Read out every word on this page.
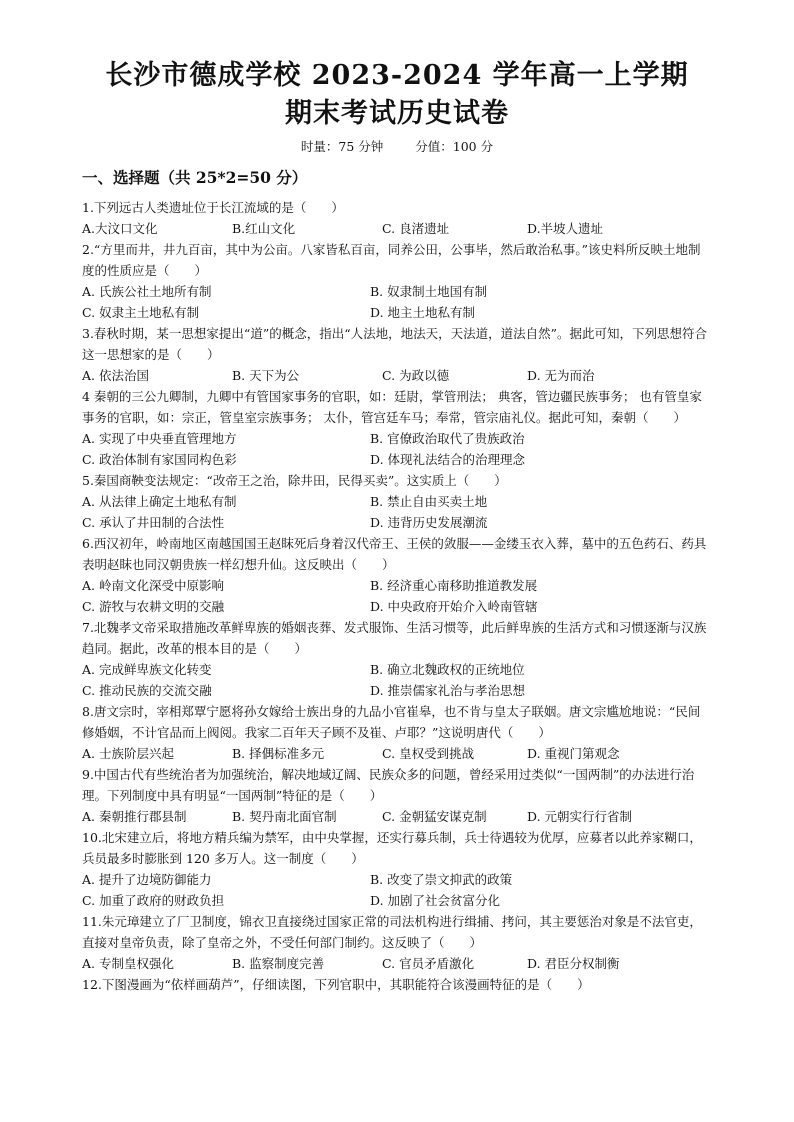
长沙市德成学校 2023-2024 学年高一上学期
期末考试历史试卷
时量：75 分钟	分值：100 分
一、选择题（共 25*2=50 分）

1.下列远古人类遗址位于长江流域的是（　　）

A.大汶口文化	B.红山文化	C. 良渚遗址	D.半坡人遗址

2.“方里而井，井九百亩，其中为公亩。八家皆私百亩，同养公田，公事毕，然后敢治私事。”该史料所反映土地制度的性质应是（　　）

A. 氏族公社土地所有制	B. 奴隶制土地国有制
C. 奴隶主土地私有制	D. 地主土地私有制

3.春秋时期，某一思想家提出“道”的概念，指出“人法地，地法天，天法道，道法自然”。据此可知，下列思想符合这一思想家的是（　　）

A. 依法治国	B. 天下为公	C. 为政以德	D. 无为而治

4 秦朝的三公九卿制，九卿中有管国家事务的官职，如：廷尉，掌管刑法； 典客，管边疆民族事务； 也有管皇家事务的官职，如：宗正，管皇室宗族事务； 太仆，管宫廷车马；奉常，管宗庙礼仪。据此可知，秦朝（　　）

A. 实现了中央垂直管理地方	B. 官僚政治取代了贵族政治
C. 政治体制有家国同构色彩	D. 体现礼法结合的治理理念

5.秦国商鞅变法规定：“改帝王之治，除井田，民得买卖”。这实质上（　　）

A. 从法律上确定土地私有制	B. 禁止自由买卖土地
C. 承认了井田制的合法性	D. 违背历史发展潮流

6.西汉初年，岭南地区南越国国王赵眜死后身着汉代帝王、王侯的敛服——金缕玉衣入葬，墓中的五色药石、药具表明赵眜也同汉朝贵族一样幻想升仙。这反映出（　　）

A. 岭南文化深受中原影响	B. 经济重心南移助推道教发展
C. 游牧与农耕文明的交融	D. 中央政府开始介入岭南管辖

7.北魏孝文帝采取措施改革鲜卑族的婚姻丧葬、发式服饰、生活习惯等，此后鲜卑族的生活方式和习惯逐渐与汉族趋同。据此，改革的根本目的是（　　）

A. 完成鲜卑族文化转变	B. 确立北魏政权的正统地位
C. 推动民族的交流交融	D. 推崇儒家礼治与孝治思想

8.唐文宗时，宰相郑覃宁愿将孙女嫁给士族出身的九品小官崔皋，也不肯与皇太子联姻。唐文宗尴尬地说：“民间修婚姻，不计官品而上阀阅。我家二百年天子顾不及崔、卢耶？”这说明唐代（　　）

A. 士族阶层兴起	B. 择偶标准多元	C. 皇权受到挑战	D. 重视门第观念

9.中国古代有些统治者为加强统治，解决地域辽阔、民族众多的问题，曾经采用过类似“一国两制”的办法进行治理。下列制度中具有明显“一国两制”特征的是（　　）

A. 秦朝推行郡县制	B. 契丹南北面官制	C. 金朝猛安谋克制	D. 元朝实行行省制

10.北宋建立后，将地方精兵编为禁军，由中央掌握，还实行募兵制，兵士待遇较为优厚，应募者以此养家糊口，兵员最多时膨胀到 120 多万人。这一制度（　　）

A. 提升了边境防御能力	B. 改变了崇文抑武的政策
C. 加重了政府的财政负担	D. 加剧了社会贫富分化

11.朱元璋建立了厂卫制度，锦衣卫直接绕过国家正常的司法机构进行缉捕、拷问，其主要惩治对象是不法官吏，直接对皇帝负责，除了皇帝之外，不受任何部门制约。这反映了（　　）

A. 专制皇权强化	B. 监察制度完善	C. 官员矛盾激化	D. 君臣分权制衡

12.下图漫画为“依样画葫芦”，仔细读图，下列官职中，其职能符合该漫画特征的是（　　）
